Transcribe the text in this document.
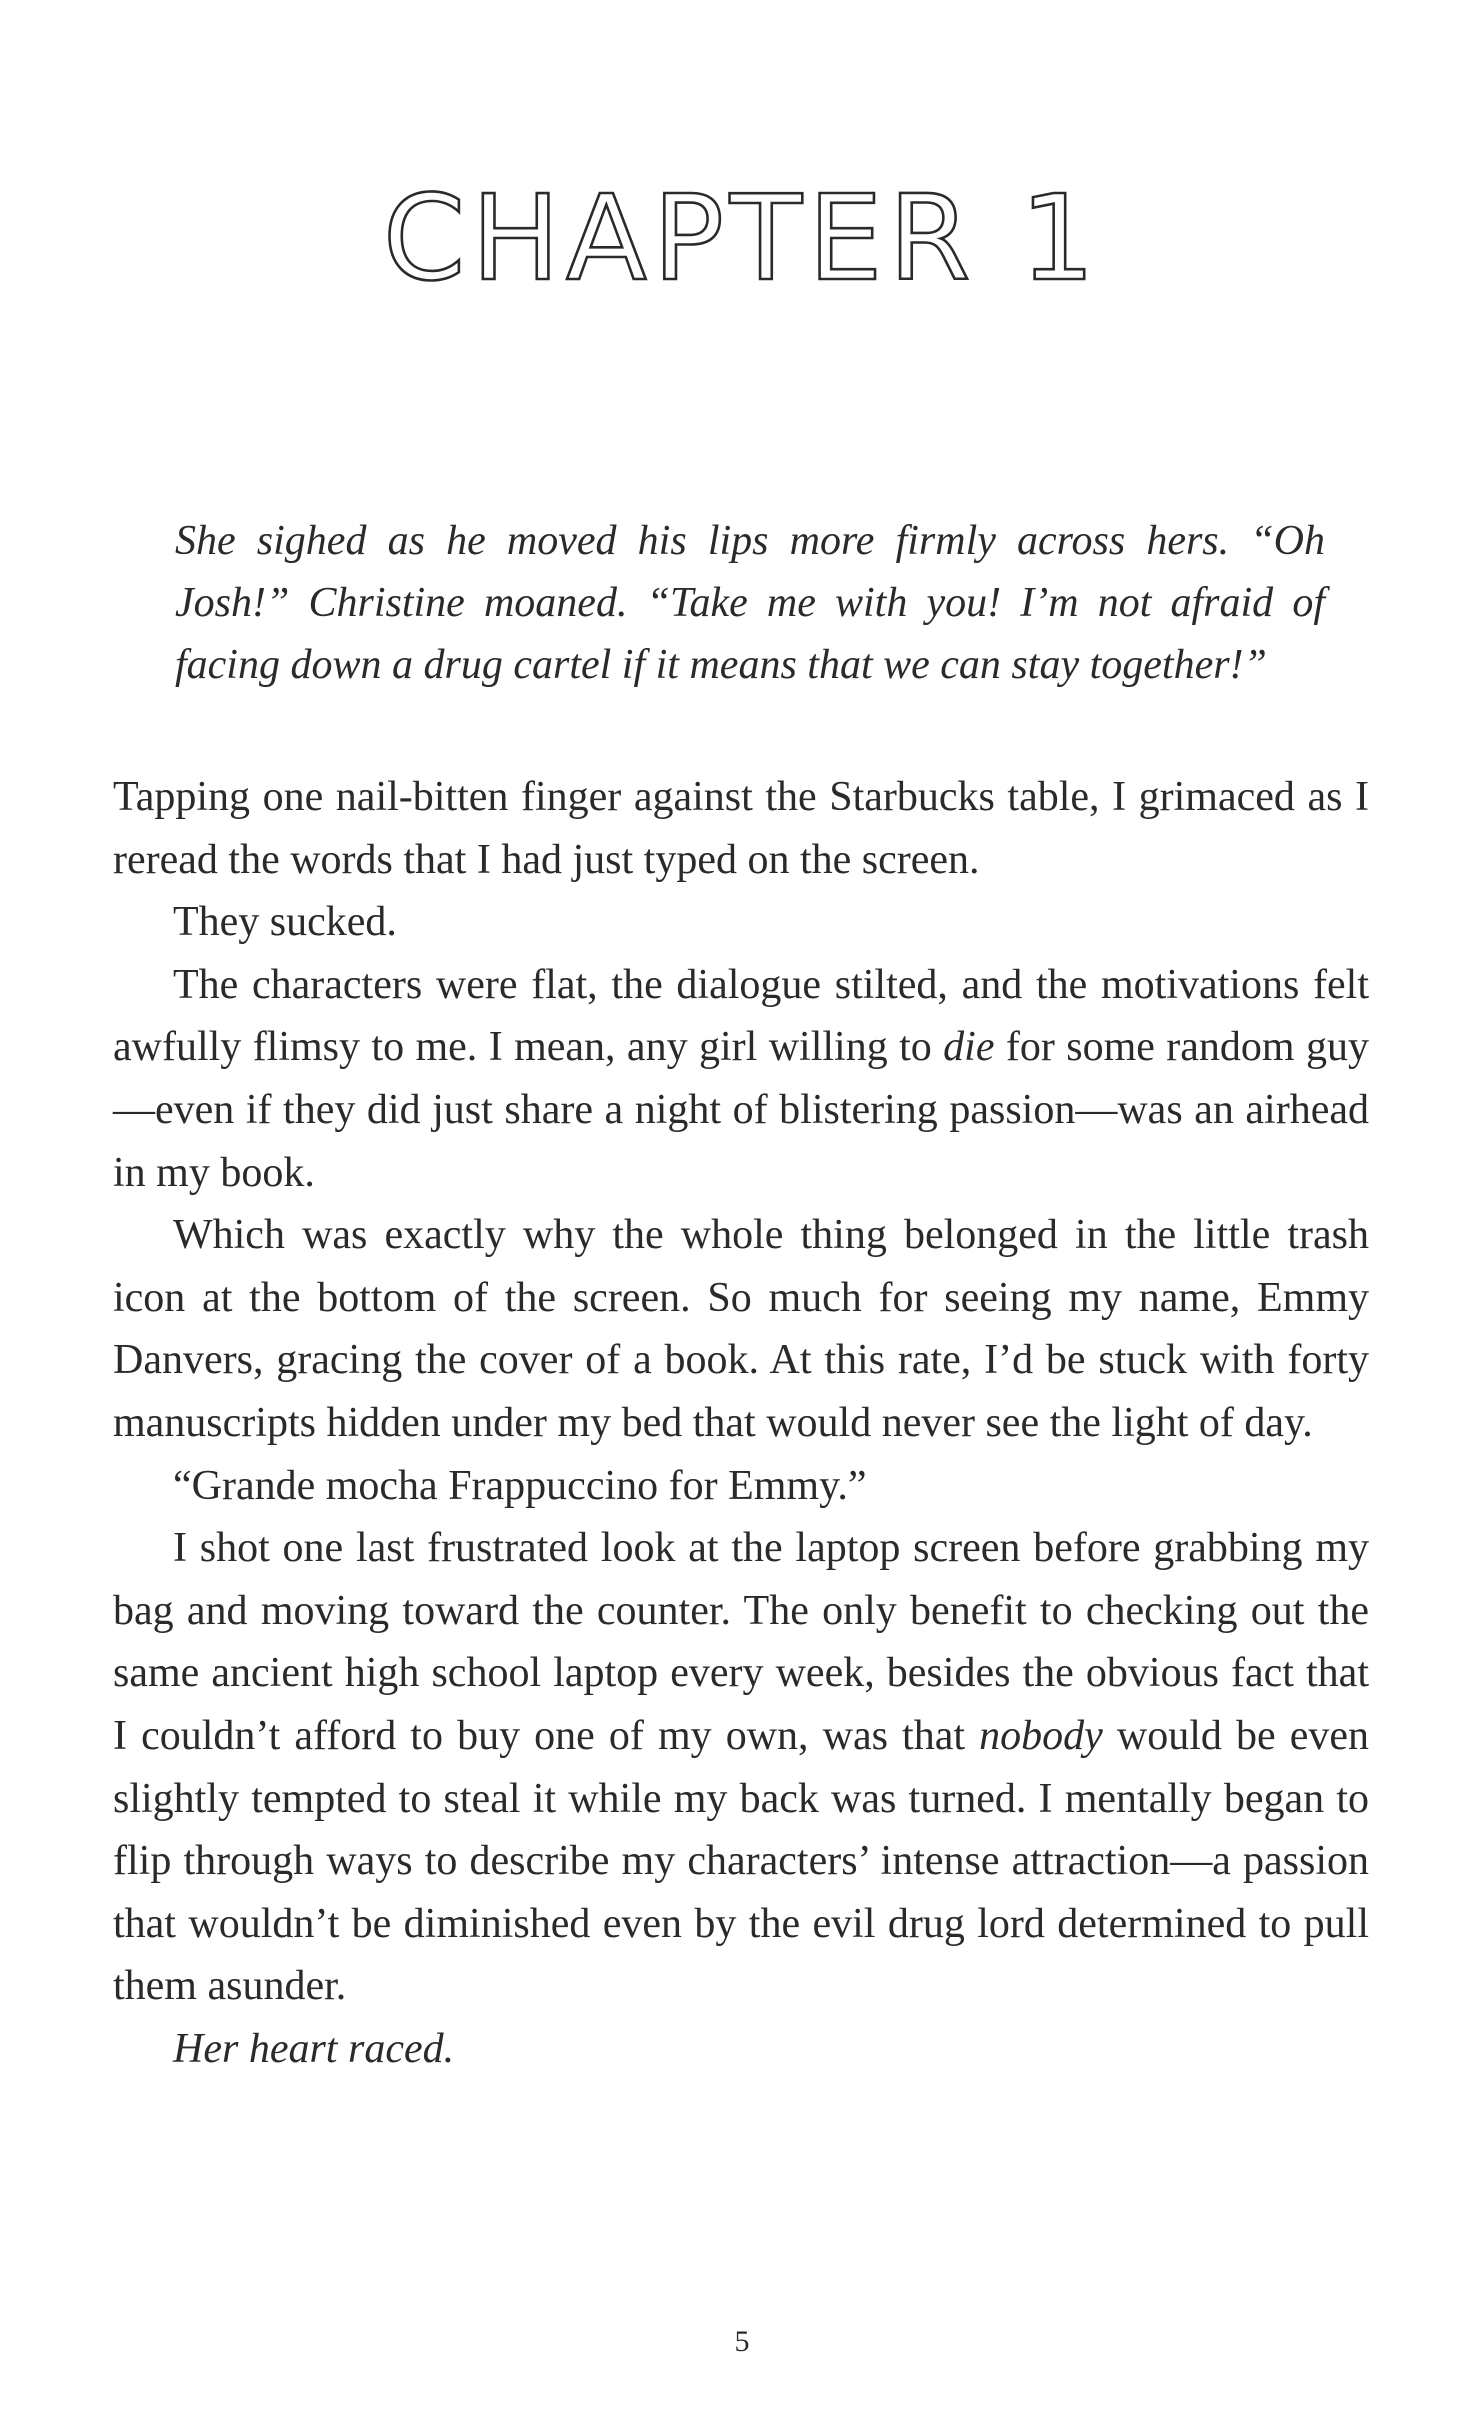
CHAPTER 1

She sighed as he moved his lips more firmly across hers. “Oh Josh!” Christine moaned. “Take me with you! I’m not afraid of facing down a drug cartel if it means that we can stay together!”

Tapping one nail-bitten finger against the Starbucks table, I grimaced as I reread the words that I had just typed on the screen.

They sucked.

The characters were flat, the dialogue stilted, and the motivations felt awfully flimsy to me. I mean, any girl willing to die for some random guy—even if they did just share a night of blistering passion—was an airhead in my book.

Which was exactly why the whole thing belonged in the little trash icon at the bottom of the screen. So much for seeing my name, Emmy Danvers, gracing the cover of a book. At this rate, I’d be stuck with forty manuscripts hidden under my bed that would never see the light of day.

“Grande mocha Frappuccino for Emmy.”

I shot one last frustrated look at the laptop screen before grabbing my bag and moving toward the counter. The only benefit to checking out the same ancient high school laptop every week, besides the obvious fact that I couldn’t afford to buy one of my own, was that nobody would be even slightly tempted to steal it while my back was turned. I mentally began to flip through ways to describe my characters’ intense attraction—a passion that wouldn’t be diminished even by the evil drug lord determined to pull them asunder.

Her heart raced.

5
